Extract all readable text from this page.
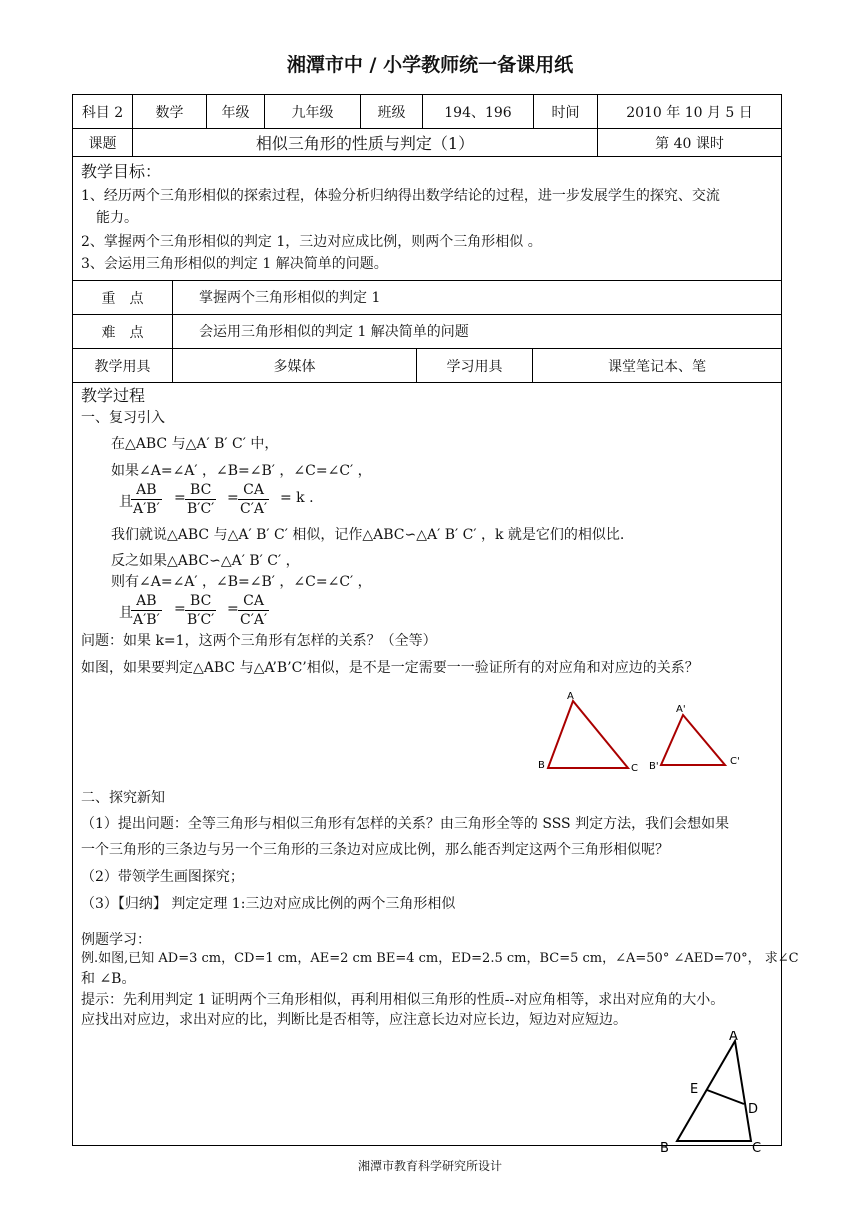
湘潭市中 / 小学教师统一备课用纸
科目 2	数学	年级	九年级	班级	194、196	时间	2010 年 10 月 5 日
课题	相似三角形的性质与判定（1）	第 40 课时
教学目标：
1、经历两个三角形相似的探索过程，体验分析归纳得出数学结论的过程，进一步发展学生的探究、交流
能力。
2、掌握两个三角形相似的判定 1，三边对应成比例，则两个三角形相似 。
3、会运用三角形相似的判定 1 解决简单的问题。
重　点	掌握两个三角形相似的判定 1
难　点	会运用三角形相似的判定 1 解决简单的问题
教学用具	多媒体	学习用具	课堂笔记本、笔
教学过程
一、复习引入
在△ABC 与△A′ B′ C′ 中，
如果∠A=∠A′ ，∠B=∠B′ ，∠C=∠C′ ，
且
$\frac{AB}{A'B'} = \frac{BC}{B'C'} = \frac{CA}{C'A'} = k$ .
我们就说△ABC 与△A′ B′ C′ 相似，记作△ABC∽△A′ B′ C′ ，k 就是它们的相似比.
反之如果△ABC∽△A′ B′ C′ ，
则有∠A=∠A′ ，∠B=∠B′ ，∠C=∠C′ ，
且
$\frac{AB}{A'B'} = \frac{BC}{B'C'} = \frac{CA}{C'A'}$
问题：如果 k=1，这两个三角形有怎样的关系？（全等）
如图，如果要判定△ABC 与△A’B’C’相似，是不是一定需要一一验证所有的对应角和对应边的关系？
A
B	C
A'
B'	C'
二、探究新知
（1）提出问题：全等三角形与相似三角形有怎样的关系？由三角形全等的 SSS 判定方法，我们会想如果
一个三角形的三条边与另一个三角形的三条边对应成比例，那么能否判定这两个三角形相似呢？
（2）带领学生画图探究；
（3）【归纳】 判定定理 1:三边对应成比例的两个三角形相似
例题学习：
例.如图,已知 AD=3 cm，CD=1 cm，AE=2 cm BE=4 cm，ED=2.5 cm，BC=5 cm，∠A=50° ∠AED=70°， 求∠C
和 ∠B。
提示：先利用判定 1 证明两个三角形相似，再利用相似三角形的性质--对应角相等，求出对应角的大小。
应找出对应边，求出对应的比，判断比是否相等，应注意长边对应长边，短边对应短边。
A
E
D
B	C
湘潭市教育科学研究所设计
